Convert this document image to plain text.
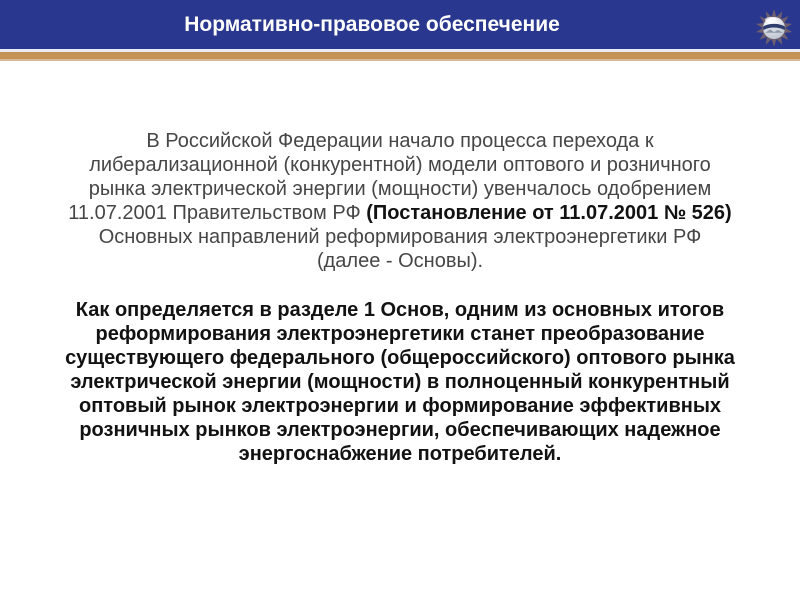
Нормативно-правовое обеспечение
В Российской Федерации начало процесса перехода к
либерализационной (конкурентной) модели оптового и розничного
рынка электрической энергии (мощности) увенчалось одобрением
11.07.2001 Правительством РФ (Постановление от 11.07.2001 № 526)
Основных направлений реформирования электроэнергетики РФ
(далее - Основы).
Как определяется в разделе 1 Основ, одним из основных итогов
реформирования электроэнергетики станет преобразование
существующего федерального (общероссийского) оптового рынка
электрической энергии (мощности) в полноценный конкурентный
оптовый рынок электроэнергии и формирование эффективных
розничных рынков электроэнергии, обеспечивающих надежное
энергоснабжение потребителей.
